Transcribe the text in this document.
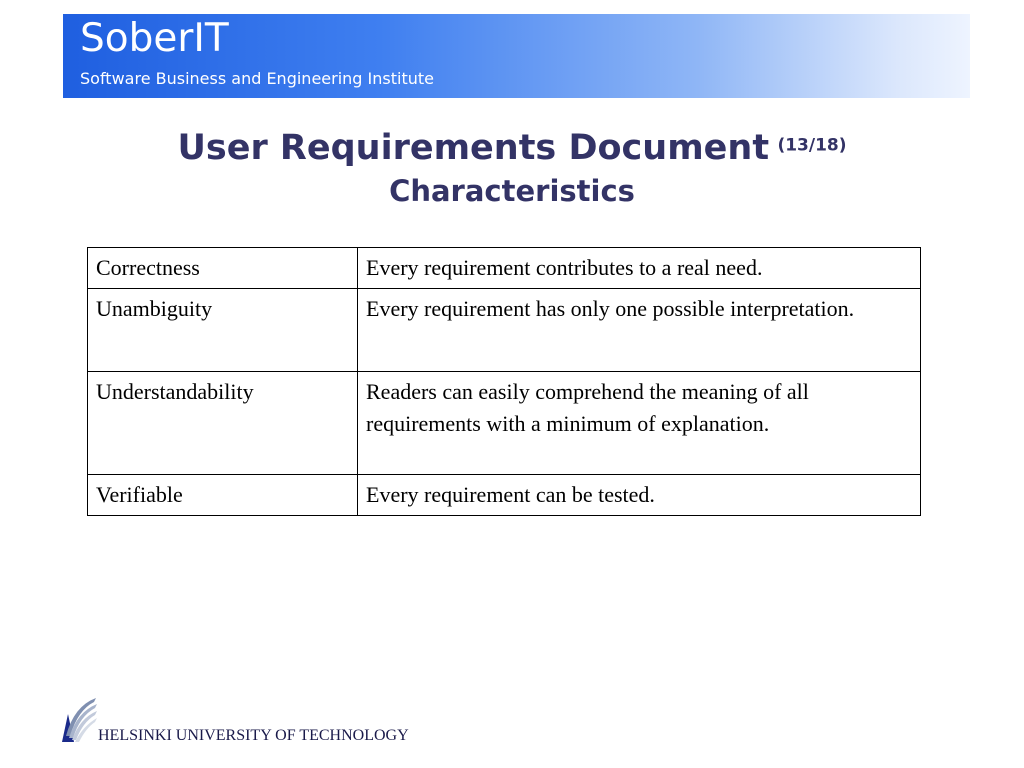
SoberIT
Software Business and Engineering Institute
User Requirements Document $^{(13/18)}$
Characteristics
Correctness	Every requirement contributes to a real need.
Unambiguity	Every requirement has only one possible interpretation.
Understandability	Readers can easily comprehend the meaning of all requirements with a minimum of explanation.
Verifiable	Every requirement can be tested.
HELSINKI UNIVERSITY OF TECHNOLOGY
